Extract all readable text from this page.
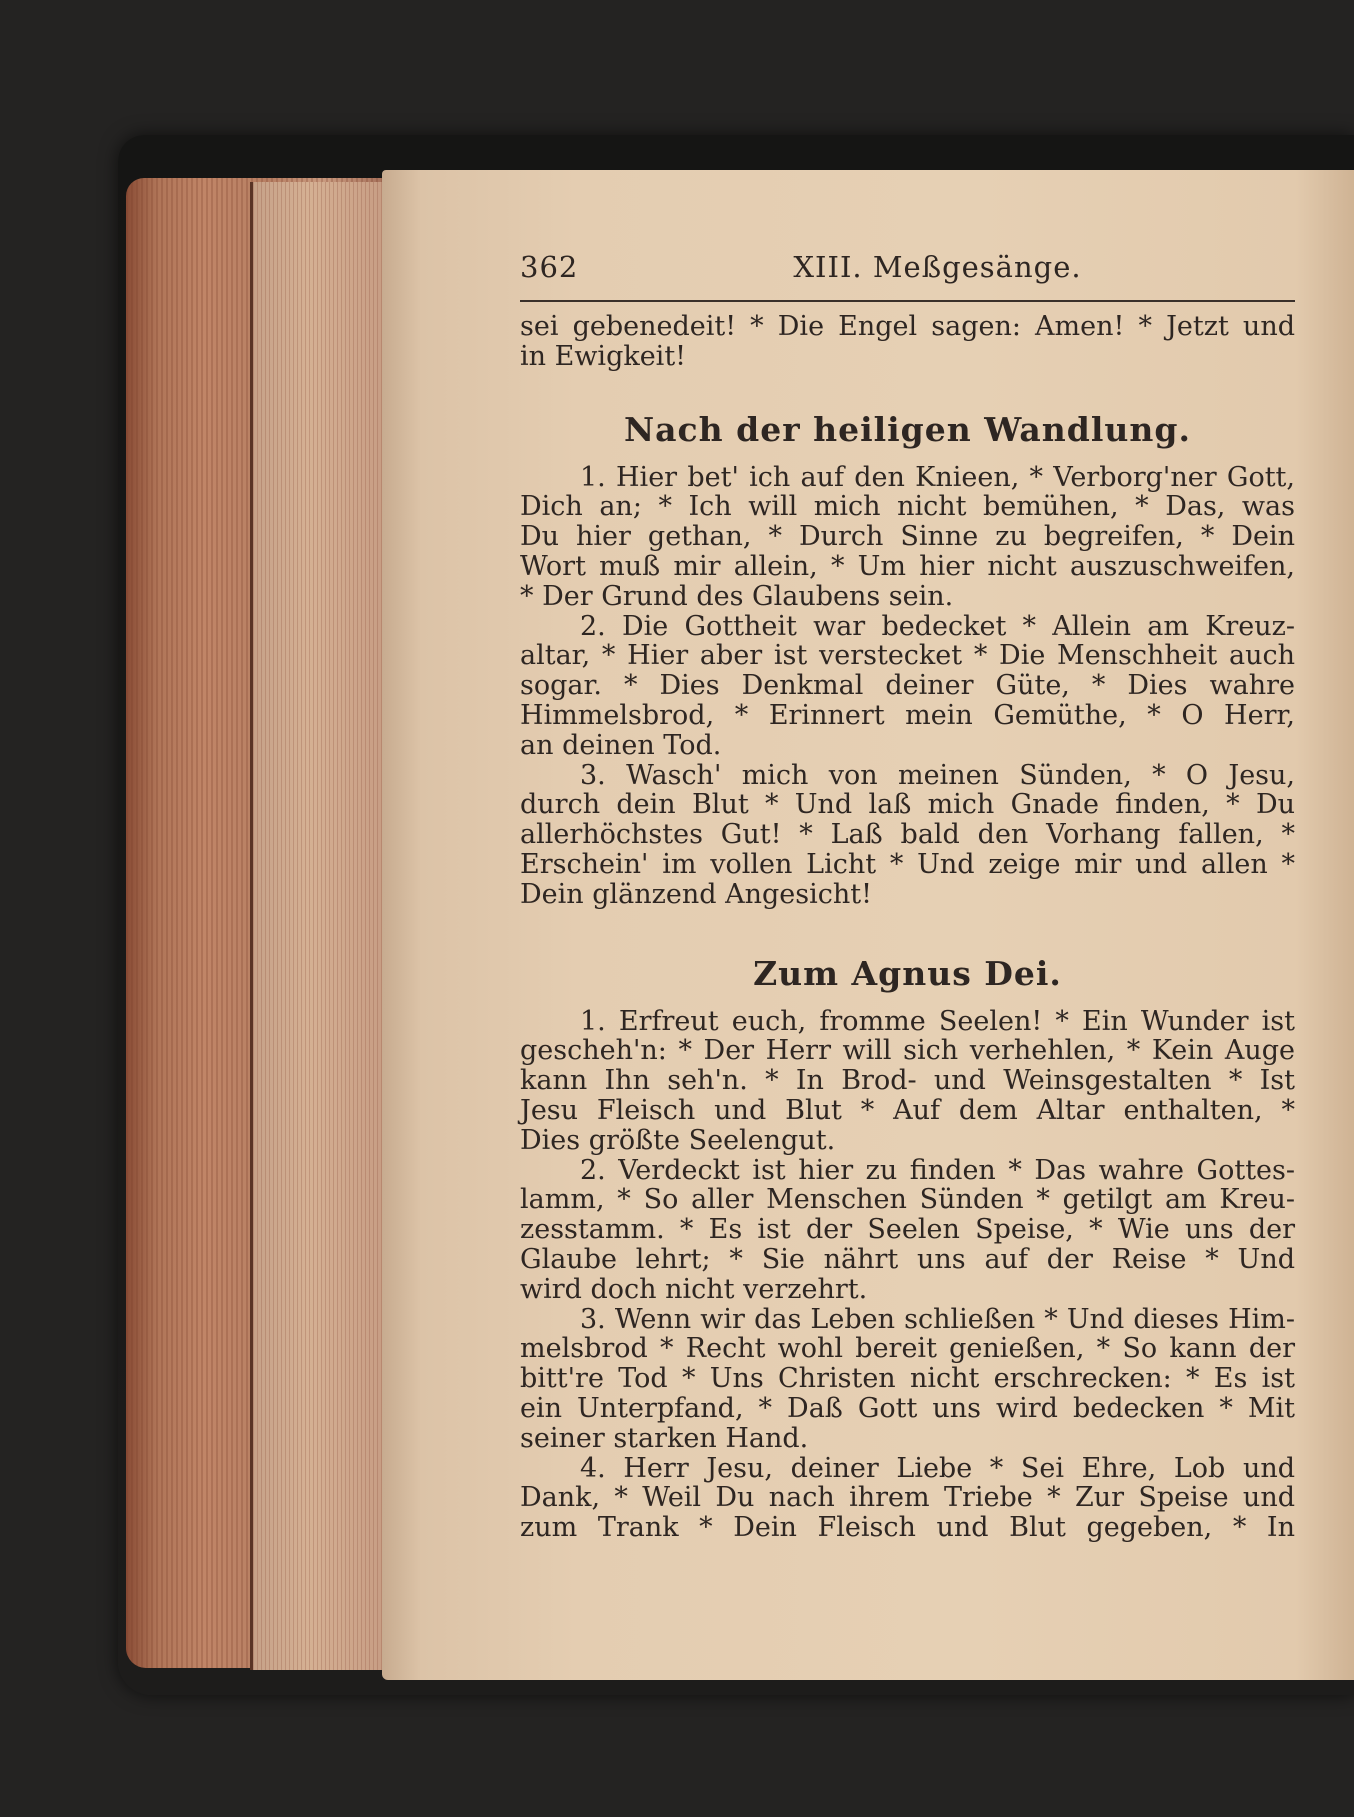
362	XIII. Meßgesänge.
sei gebenedeit! * Die Engel sagen: Amen! * Jetzt und
in Ewigkeit!
Nach der heiligen Wandlung.
1. Hier bet' ich auf den Knieen, * Verborg'ner Gott,
Dich an; * Ich will mich nicht bemühen, * Das, was
Du hier gethan, * Durch Sinne zu begreifen, * Dein
Wort muß mir allein, * Um hier nicht auszuschweifen,
* Der Grund des Glaubens sein.
2. Die Gottheit war bedecket * Allein am Kreuz-
altar, * Hier aber ist verstecket * Die Menschheit auch
sogar. * Dies Denkmal deiner Güte, * Dies wahre
Himmelsbrod, * Erinnert mein Gemüthe, * O Herr,
an deinen Tod.
3. Wasch' mich von meinen Sünden, * O Jesu,
durch dein Blut * Und laß mich Gnade finden, * Du
allerhöchstes Gut! * Laß bald den Vorhang fallen, *
Erschein' im vollen Licht * Und zeige mir und allen *
Dein glänzend Angesicht!
Zum Agnus Dei.
1. Erfreut euch, fromme Seelen! * Ein Wunder ist
gescheh'n: * Der Herr will sich verhehlen, * Kein Auge
kann Ihn seh'n. * In Brod- und Weinsgestalten * Ist
Jesu Fleisch und Blut * Auf dem Altar enthalten, *
Dies größte Seelengut.
2. Verdeckt ist hier zu finden * Das wahre Gottes-
lamm, * So aller Menschen Sünden * getilgt am Kreu-
zesstamm. * Es ist der Seelen Speise, * Wie uns der
Glaube lehrt; * Sie nährt uns auf der Reise * Und
wird doch nicht verzehrt.
3. Wenn wir das Leben schließen * Und dieses Him-
melsbrod * Recht wohl bereit genießen, * So kann der
bitt're Tod * Uns Christen nicht erschrecken: * Es ist
ein Unterpfand, * Daß Gott uns wird bedecken * Mit
seiner starken Hand.
4. Herr Jesu, deiner Liebe * Sei Ehre, Lob und
Dank, * Weil Du nach ihrem Triebe * Zur Speise und
zum Trank * Dein Fleisch und Blut gegeben, * In
